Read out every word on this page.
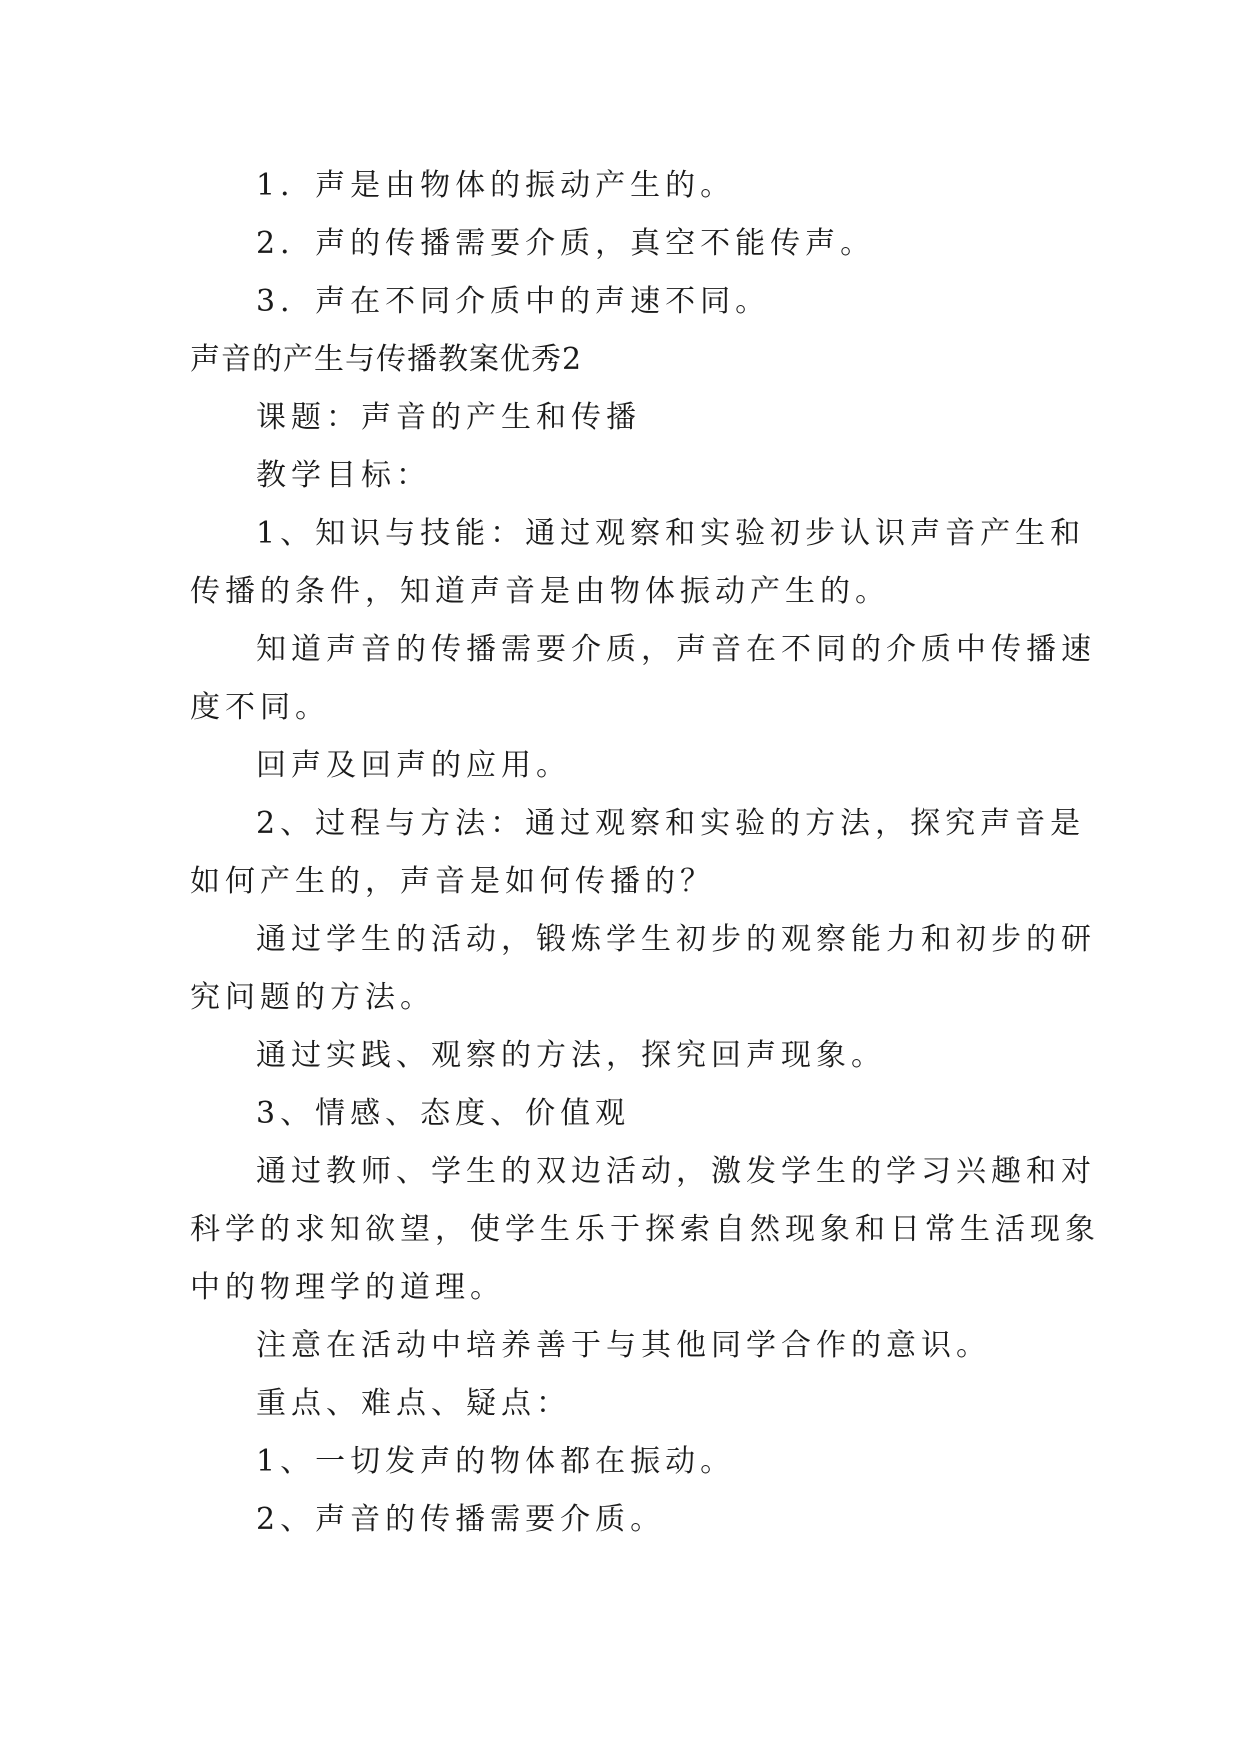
1．声是由物体的振动产生的。
2．声的传播需要介质，真空不能传声。
3．声在不同介质中的声速不同。
声音的产生与传播教案优秀2
课题：声音的产生和传播
教学目标：
1、知识与技能：通过观察和实验初步认识声音产生和
传播的条件，知道声音是由物体振动产生的。
知道声音的传播需要介质，声音在不同的介质中传播速
度不同。
回声及回声的应用。
2、过程与方法：通过观察和实验的方法，探究声音是
如何产生的，声音是如何传播的？
通过学生的活动，锻炼学生初步的观察能力和初步的研
究问题的方法。
通过实践、观察的方法，探究回声现象。
3、情感、态度、价值观
通过教师、学生的双边活动，激发学生的学习兴趣和对
科学的求知欲望，使学生乐于探索自然现象和日常生活现象
中的物理学的道理。
注意在活动中培养善于与其他同学合作的意识。
重点、难点、疑点：
1、一切发声的物体都在振动。
2、声音的传播需要介质。
